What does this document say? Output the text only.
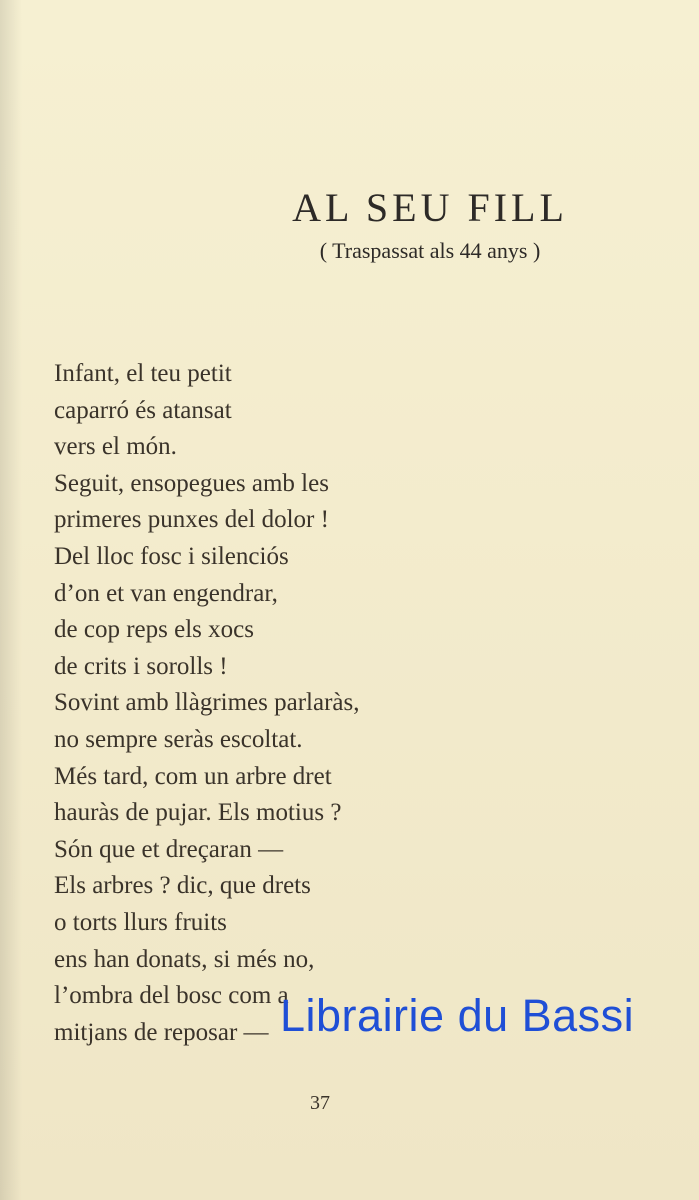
AL SEU FILL
( Traspassat als 44 anys )
Infant, el teu petit
caparró és atansat
vers el món.
Seguit, ensopegues amb les
primeres punxes del dolor !
Del lloc fosc i silenciós
d’on et van engendrar,
de cop reps els xocs
de crits i sorolls !
Sovint amb llàgrimes parlaràs,
no sempre seràs escoltat.
Més tard, com un arbre dret
hauràs de pujar. Els motius ?
Són que et dreçaran —
Els arbres ? dic, que drets
o torts llurs fruits
ens han donats, si més no,
l’ombra del bosc com a
mitjans de reposar — Librairie du Bassi
37
